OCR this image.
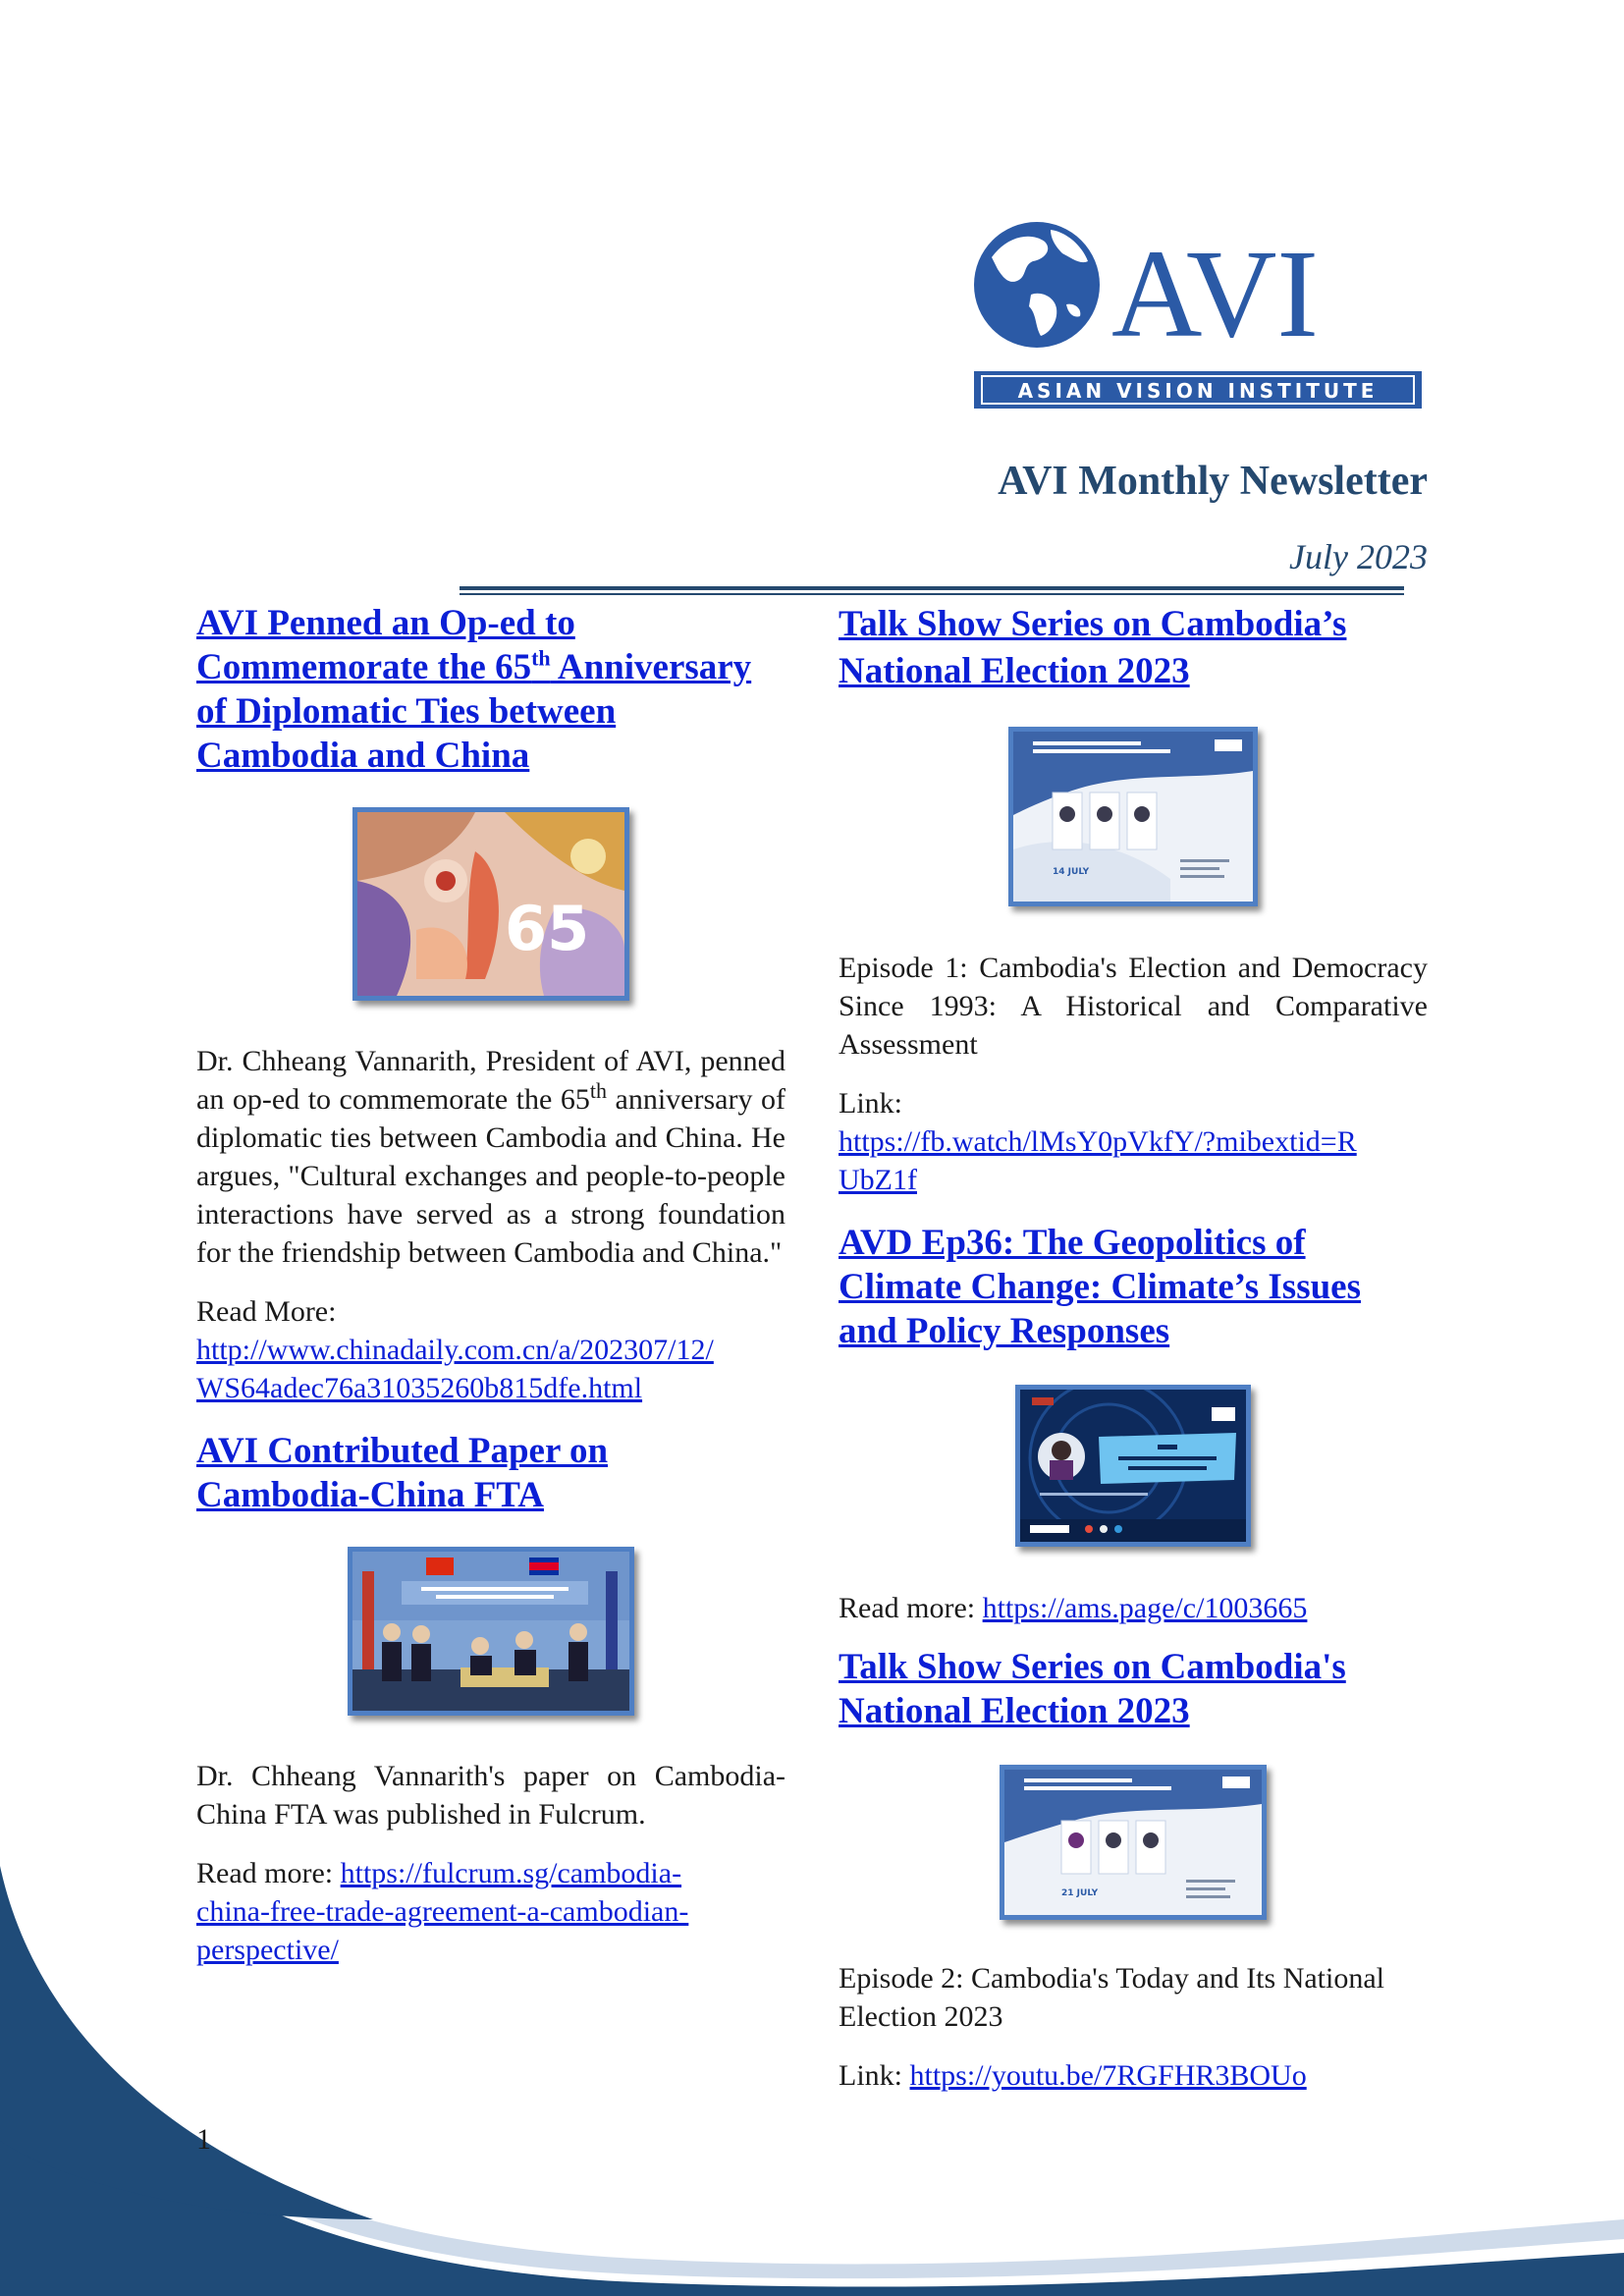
AVI
ASIAN VISION INSTITUTE
AVI Monthly Newsletter
July 2023
AVI Penned an Op-ed to
Commemorate the 65th Anniversary
of Diplomatic Ties between
Cambodia and China
65

Dr. Chheang Vannarith, President of AVI, penned an op-ed to commemorate the 65th anniversary of diplomatic ties between Cambodia and China. He argues, "Cultural exchanges and people-to-people interactions have served as a strong foundation for the friendship between Cambodia and China."

Read More:
http://www.chinadaily.com.cn/a/202307/12/
WS64adec76a31035260b815dfe.html

AVI Contributed Paper on
Cambodia-China FTA

Dr. Chheang Vannarith's paper on Cambodia-China FTA was published in Fulcrum.

Read more: https://fulcrum.sg/cambodia-
china-free-trade-agreement-a-cambodian-
perspective/

Talk Show Series on Cambodia’s
National Election 2023
14 JULY

Episode 1: Cambodia's Election and Democracy Since 1993: A Historical and Comparative Assessment

Link:
https://fb.watch/lMsY0pVkfY/?mibextid=R
UbZ1f

AVD Ep36: The Geopolitics of
Climate Change: Climate’s Issues
and Policy Responses

Read more: https://ams.page/c/1003665

Talk Show Series on Cambodia's
National Election 2023
21 JULY

Episode 2: Cambodia's Today and Its National Election 2023

Link: https://youtu.be/7RGFHR3BOUo

1
